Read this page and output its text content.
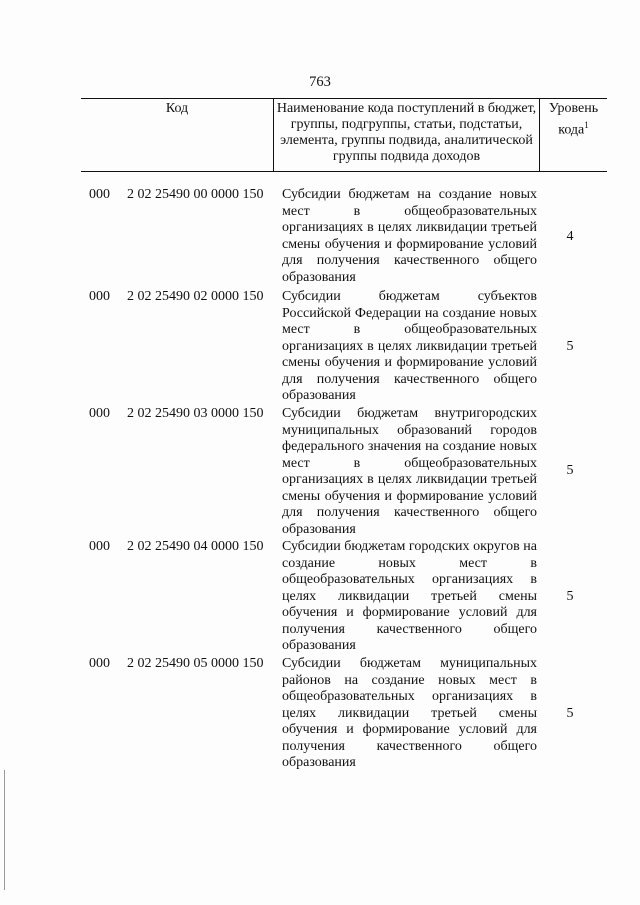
763
Код	Наименование кода поступлений в бюджет, группы, подгруппы, статьи, подстатьи, элемента, группы подвида, аналитической группы подвида доходов
Уровень кода$^1$
000 2 02 25490 00 0000 150 Субсидии бюджетам на создание новых мест в общеобразовательных организациях в целях ликвидации третьей смены обучения и формирование условий для получения качественного общего образования
4
000 2 02 25490 02 0000 150 Субсидии бюджетам субъектов Российской Федерации на создание новых мест в общеобразовательных организациях в целях ликвидации третьей смены обучения и формирование условий для получения качественного общего образования
5
000 2 02 25490 03 0000 150 Субсидии бюджетам внутригородских муниципальных образований городов федерального значения на создание новых мест в общеобразовательных организациях в целях ликвидации третьей смены обучения и формирование условий для получения качественного общего образования
5
000 2 02 25490 04 0000 150 Субсидии бюджетам городских округов на создание новых мест в общеобразовательных организациях в целях ликвидации третьей смены обучения и формирование условий для получения качественного общего образования
5
000 2 02 25490 05 0000 150 Субсидии бюджетам муниципальных районов на создание новых мест в общеобразовательных организациях в целях ликвидации третьей смены обучения и формирование условий для получения качественного общего образования
5
